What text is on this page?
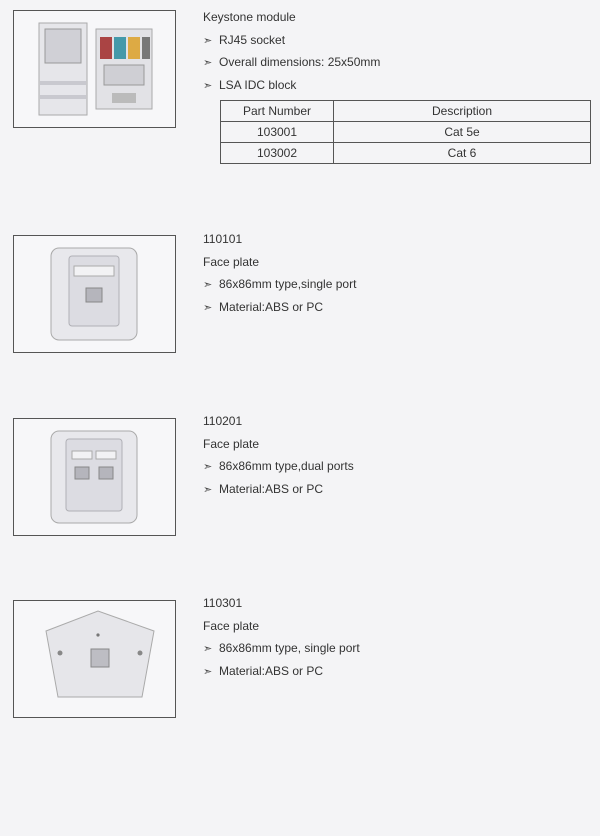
Keystone module
➣ RJ45 socket
➣ Overall dimensions: 25x50mm
➣ LSA IDC block
Part Number	Description
103001	Cat 5e
103002	Cat 6
110101
Face plate
➣ 86x86mm type,single port
➣ Material:ABS or PC
110201
Face plate
➣ 86x86mm type,dual ports
➣ Material:ABS or PC
110301
Face plate
➣ 86x86mm type, single port
➣ Material:ABS or PC
